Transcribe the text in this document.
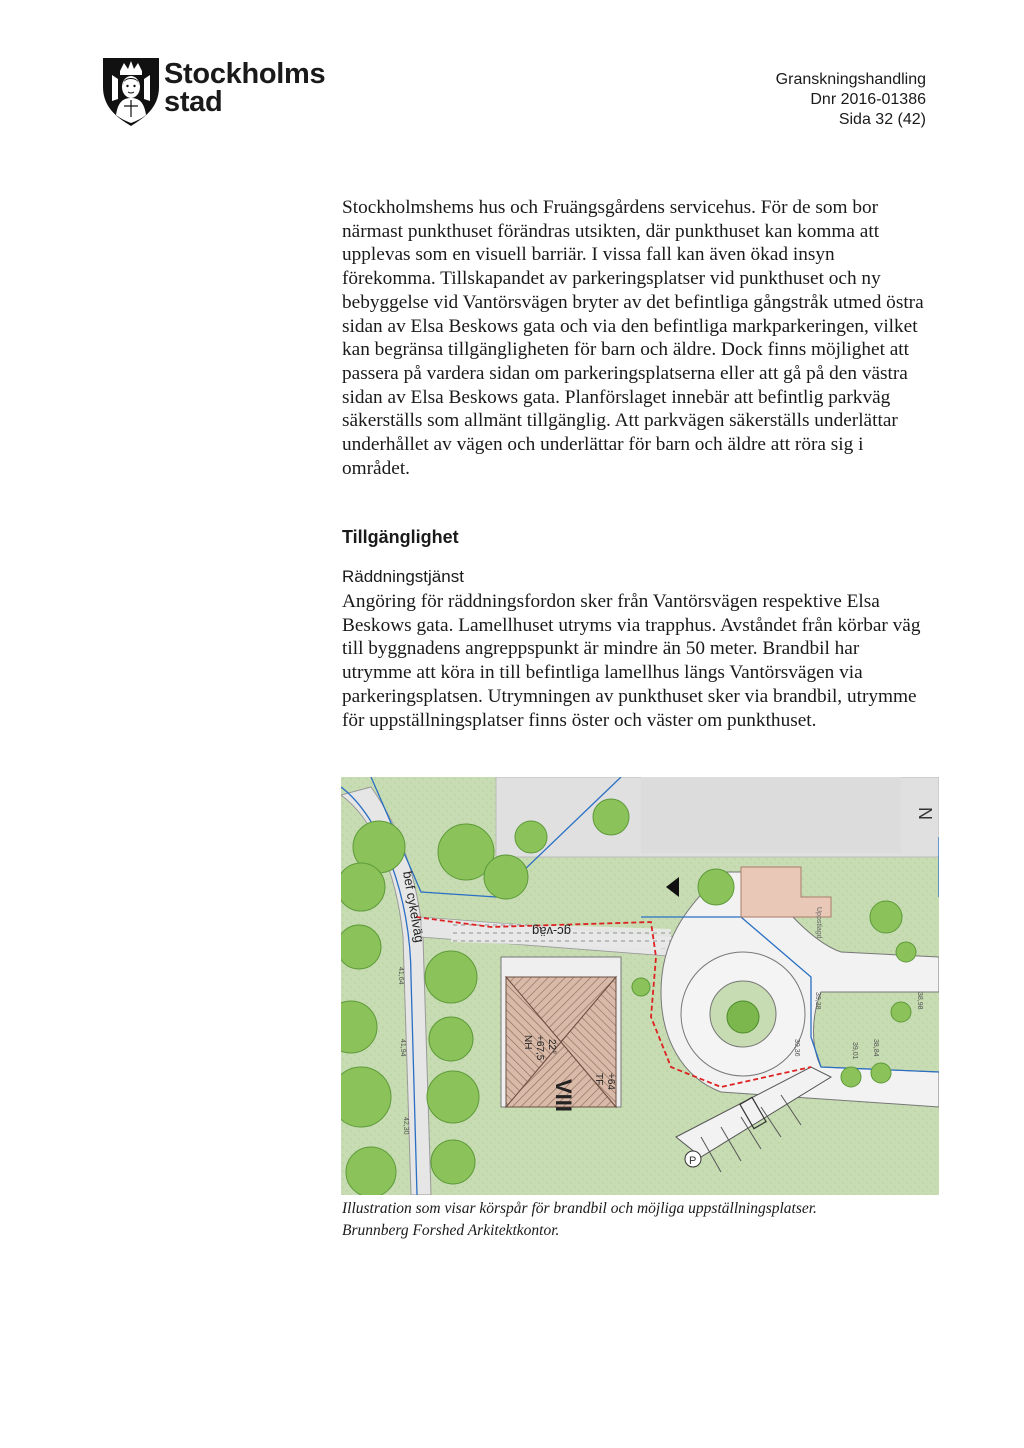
Stockholms
stad
Granskningshandling
Dnr 2016-01386
Sida 32 (42)
Stockholmshems hus och Fruängsgårdens servicehus. För de som bor närmast punkthuset förändras utsikten, där punkthuset kan komma att upplevas som en visuell barriär. I vissa fall kan även ökad insyn förekomma. Tillskapandet av parkeringsplatser vid punkthuset och ny bebyggelse vid Vantörsvägen bryter av det befintliga gångstråk utmed östra sidan av Elsa Beskows gata och via den befintliga markparkeringen, vilket kan begränsa tillgängligheten för barn och äldre. Dock finns möjlighet att passera på vardera sidan om parkeringsplatserna eller att gå på den västra sidan av Elsa Beskows gata. Planförslaget innebär att befintlig parkväg säkerställs som allmänt tillgänglig. Att parkvägen säkerställs underlättar underhållet av vägen och underlättar för barn och äldre att röra sig i området.
Tillgänglighet
Räddningstjänst
Angöring för räddningsfordon sker från Vantörsvägen respektive Elsa Beskows gata. Lamellhuset utryms via trapphus. Avståndet från körbar väg till byggnadens angreppspunkt är mindre än 50 meter. Brandbil har utrymme att köra in till befintliga lamellhus längs Vantörsvägen via parkeringsplatsen. Utrymningen av punkthuset sker via brandbil, utrymme för uppställningsplatser finns öster och väster om punkthuset.
P
VIII
NH +67,5 22°
TF +64
Uppstlagd
N
bef cykelväg	gc-väg
41,64
41,94
42,30
39,36	39,01 38,84
38,98
39,38
Illustration som visar körspår för brandbil och möjliga uppställningsplatser.
Brunnberg Forshed Arkitektkontor.
